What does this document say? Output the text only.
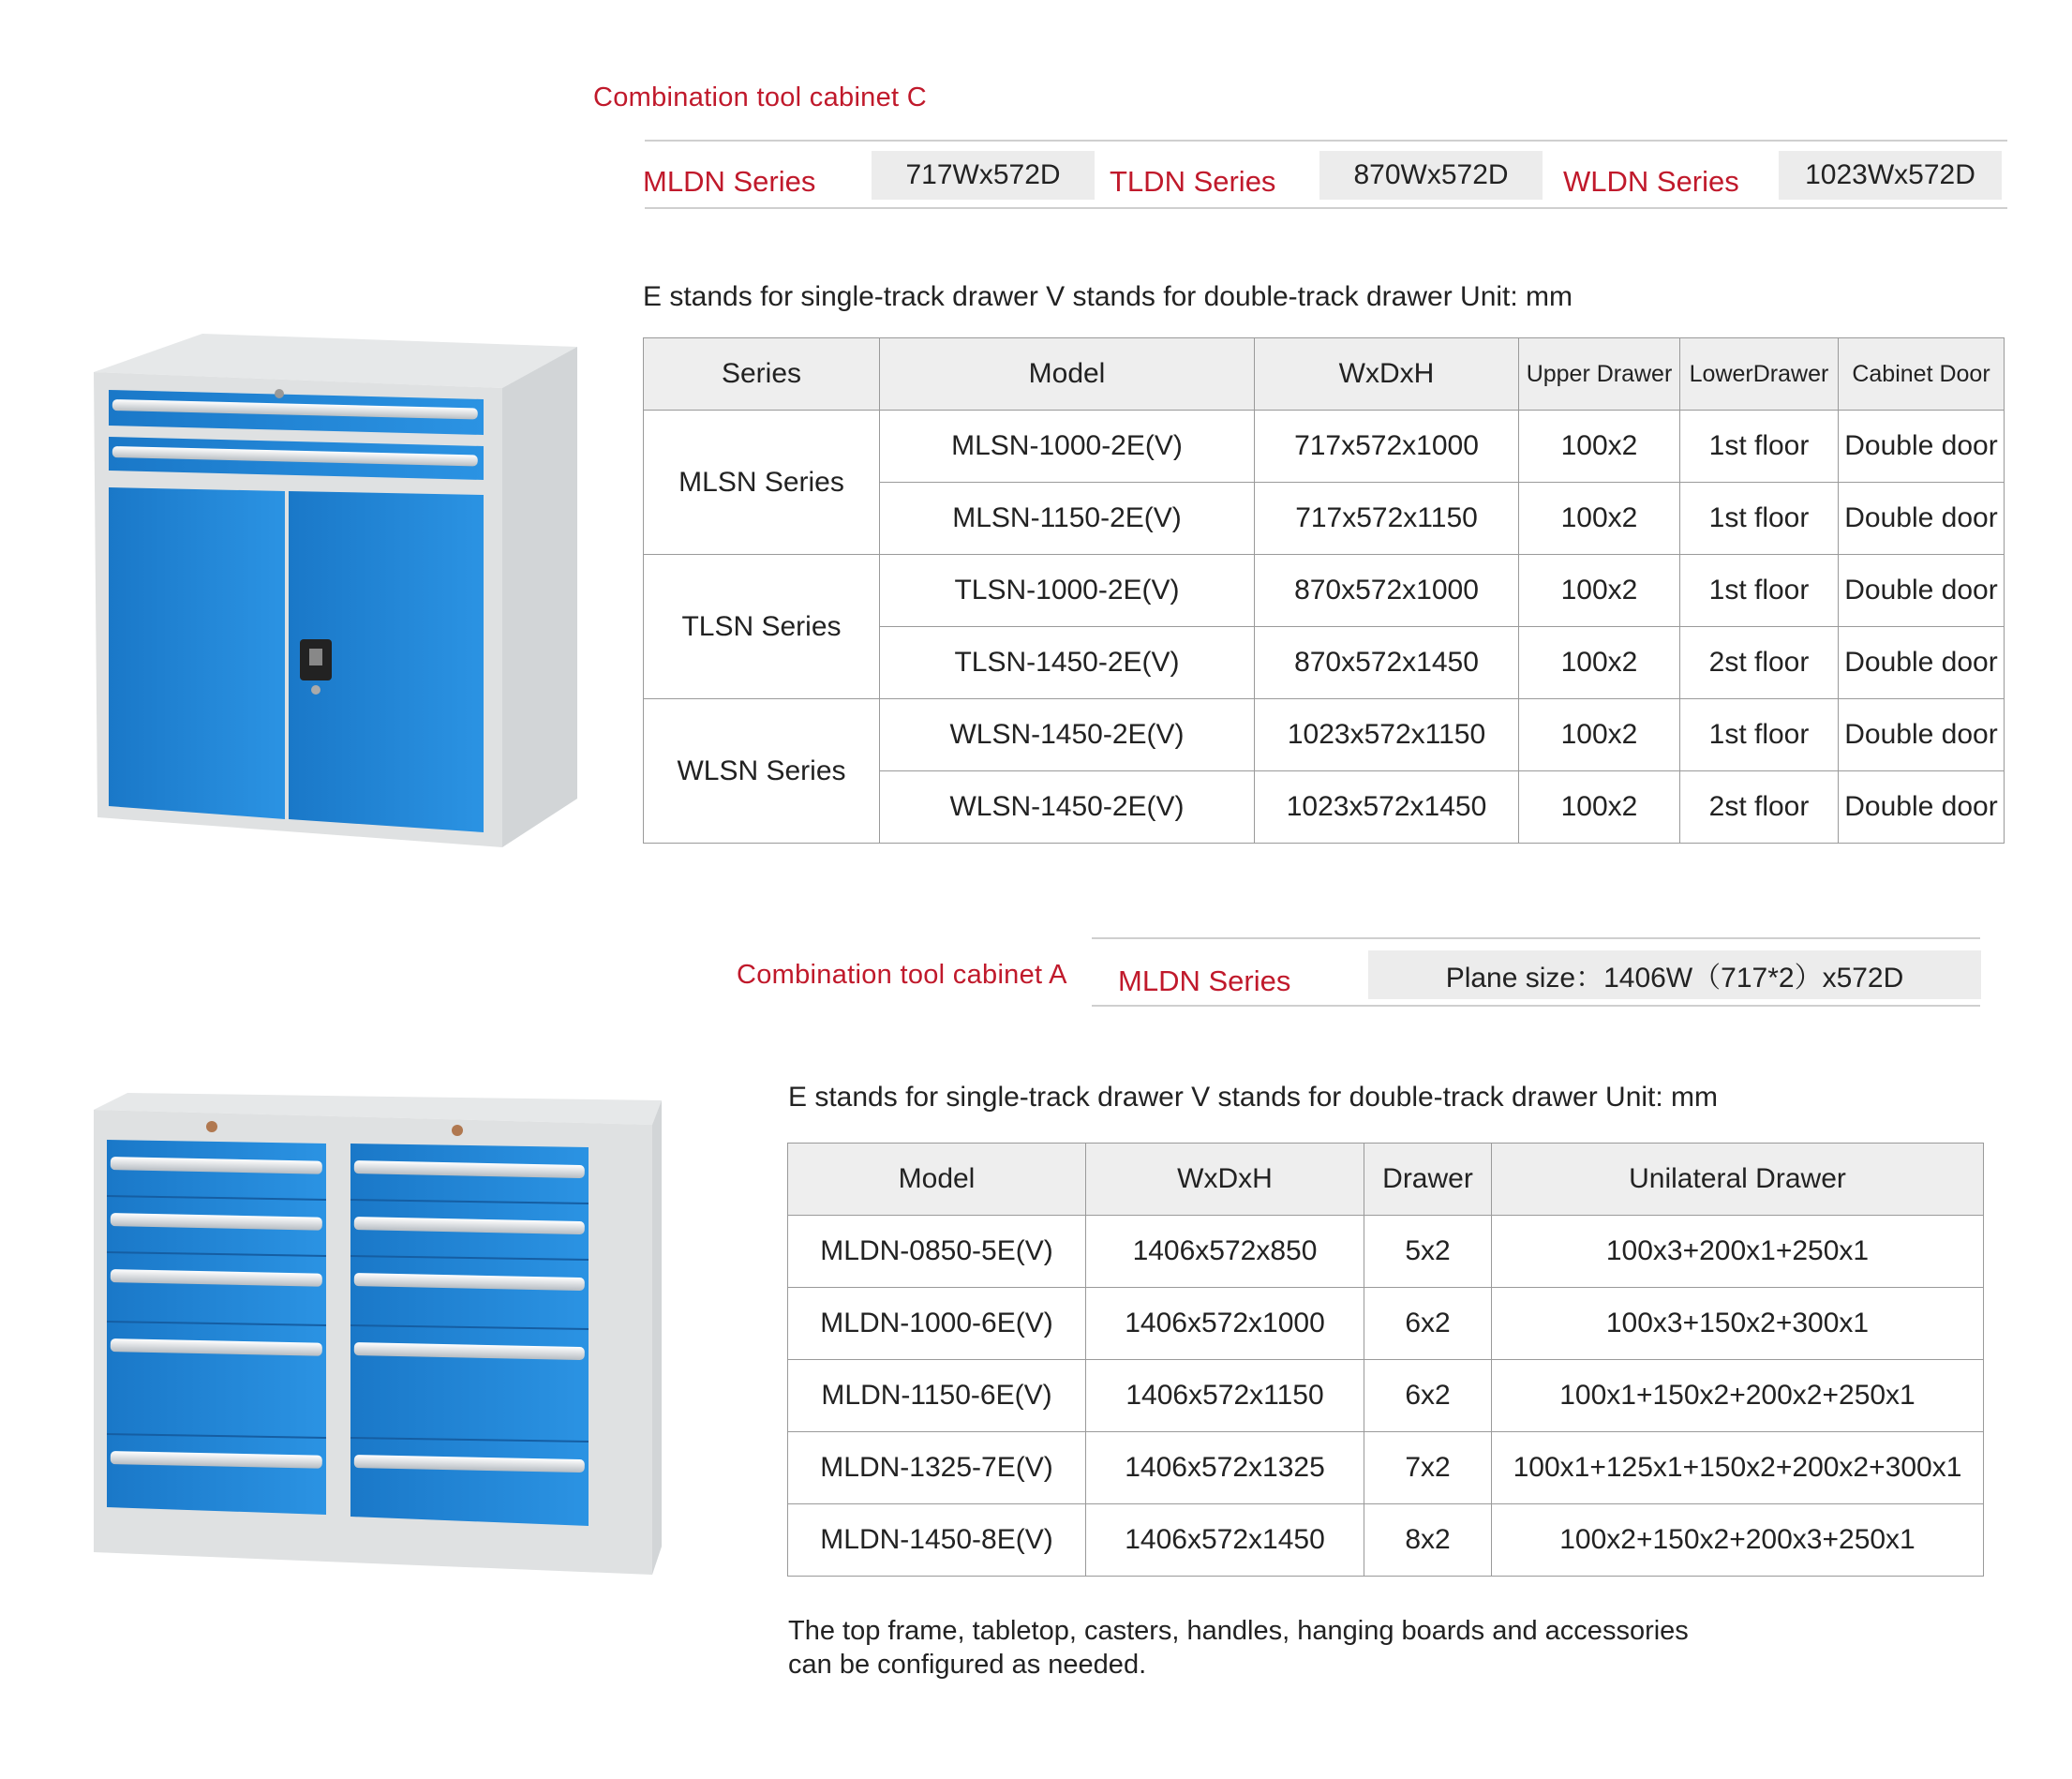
Combination tool cabinet C
MLDN Series	717Wx572D	TLDN Series	870Wx572D	WLDN Series	1023Wx572D
E stands for single-track drawer V stands for double-track drawer Unit: mm
Series	Model	WxDxH	Upper Drawer	LowerDrawer	Cabinet Door
MLSN Series	MLSN-1000-2E(V)	717x572x1000	100x2	1st floor	Double door
	MLSN-1150-2E(V)	717x572x1150	100x2	1st floor	Double door
TLSN Series	TLSN-1000-2E(V)	870x572x1000	100x2	1st floor	Double door
	TLSN-1450-2E(V)	870x572x1450	100x2	2st floor	Double door
WLSN Series	WLSN-1450-2E(V)	1023x572x1150	100x2	1st floor	Double door
	WLSN-1450-2E(V)	1023x572x1450	100x2	2st floor	Double door
Combination tool cabinet A MLDN Series	Plane size：1406W（717*2）x572D
E stands for single-track drawer V stands for double-track drawer Unit: mm
Model	WxDxH	Drawer	Unilateral Drawer
MLDN-0850-5E(V)	1406x572x850	5x2	100x3+200x1+250x1
MLDN-1000-6E(V)	1406x572x1000	6x2	100x3+150x2+300x1
MLDN-1150-6E(V)	1406x572x1150	6x2	100x1+150x2+200x2+250x1
MLDN-1325-7E(V)	1406x572x1325	7x2	100x1+125x1+150x2+200x2+300x1
MLDN-1450-8E(V)	1406x572x1450	8x2	100x2+150x2+200x3+250x1
The top frame, tabletop, casters, handles, hanging boards and accessories
can be configured as needed.
